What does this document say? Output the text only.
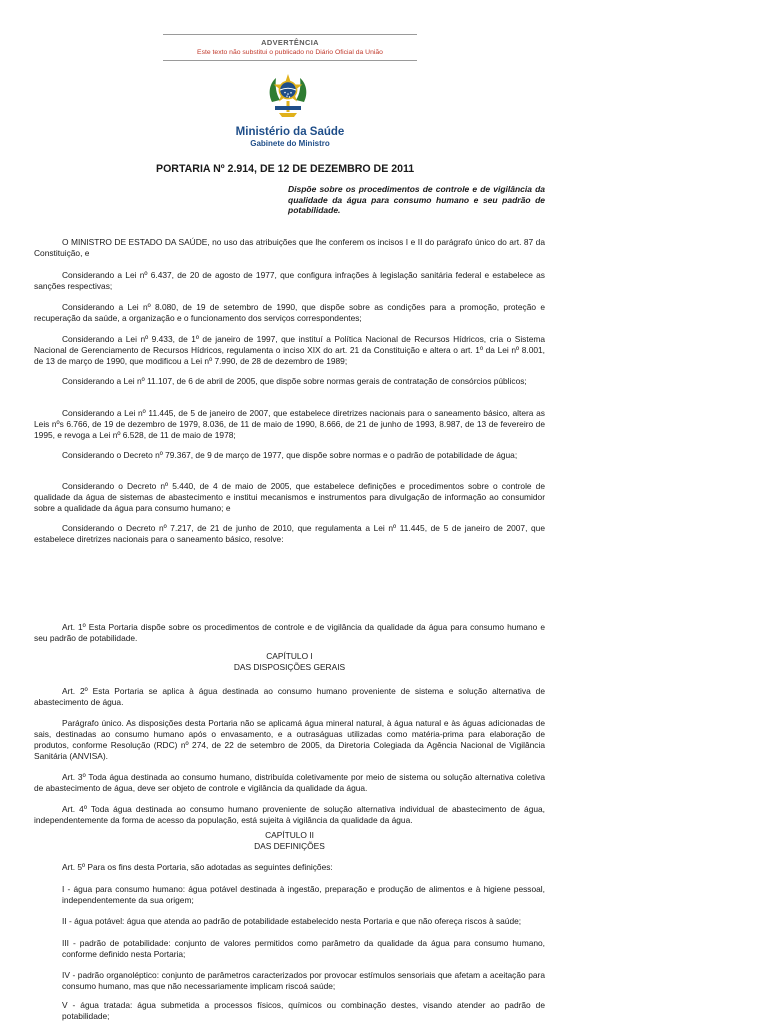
ADVERTÊNCIA
Este texto não substitui o publicado no Diário Oficial da União
Ministério da Saúde
Gabinete do Ministro
PORTARIA Nº 2.914, DE 12 DE DEZEMBRO DE 2011
Dispõe sobre os procedimentos de controle e de vigilância da qualidade da água para consumo humano e seu padrão de potabilidade.
O MINISTRO DE ESTADO DA SAÚDE, no uso das atribuições que lhe conferem os incisos I e II do parágrafo único do art. 87 da Constituição, e
Considerando a Lei nº 6.437, de 20 de agosto de 1977, que configura infrações à legislação sanitária federal e estabelece as sanções respectivas;
Considerando a Lei nº 8.080, de 19 de setembro de 1990, que dispõe sobre as condições para a promoção, proteção e recuperação da saúde, a organização e o funcionamento dos serviços correspondentes;
Considerando a Lei nº 9.433, de 1º de janeiro de 1997, que instituí a Política Nacional de Recursos Hídricos, cria o Sistema Nacional de Gerenciamento de Recursos Hídricos, regulamenta o inciso XIX do art. 21 da Constituição e altera o art. 1º da Lei nº 8.001, de 13 de março de 1990, que modificou a Lei nº 7.990, de 28 de dezembro de 1989;
Considerando a Lei nº 11.107, de 6 de abril de 2005, que dispõe sobre normas gerais de contratação de consórcios públicos;
Considerando a Lei nº 11.445, de 5 de janeiro de 2007, que estabelece diretrizes nacionais para o saneamento básico, altera as Leis nºs 6.766, de 19 de dezembro de 1979, 8.036, de 11 de maio de 1990, 8.666, de 21 de junho de 1993, 8.987, de 13 de fevereiro de 1995, e revoga a Lei nº 6.528, de 11 de maio de 1978;
Considerando o Decreto nº 79.367, de 9 de março de 1977, que dispõe sobre normas e o padrão de potabilidade de água;
Considerando o Decreto nº 5.440, de 4 de maio de 2005, que estabelece definições e procedimentos sobre o controle de qualidade da água de sistemas de abastecimento e institui mecanismos e instrumentos para divulgação de informação ao consumidor sobre a qualidade da água para consumo humano; e
Considerando o Decreto nº 7.217, de 21 de junho de 2010, que regulamenta a Lei nº 11.445, de 5 de janeiro de 2007, que estabelece diretrizes nacionais para o saneamento básico, resolve:
Art. 1º Esta Portaria dispõe sobre os procedimentos de controle e de vigilância da qualidade da água para consumo humano e seu padrão de potabilidade.
CAPÍTULO I
DAS DISPOSIÇÕES GERAIS
Art. 2º Esta Portaria se aplica à água destinada ao consumo humano proveniente de sistema e solução alternativa de abastecimento de água.
Parágrafo único. As disposições desta Portaria não se aplicamá água mineral natural, à água natural e às águas adicionadas de sais, destinadas ao consumo humano após o envasamento, e a outraságuas utilizadas como matéria-prima para elaboração de produtos, conforme Resolução (RDC) nº 274, de 22 de setembro de 2005, da Diretoria Colegiada da Agência Nacional de Vigilância Sanitária (ANVISA).
Art. 3º Toda água destinada ao consumo humano, distribuída coletivamente por meio de sistema ou solução alternativa coletiva de abastecimento de água, deve ser objeto de controle e vigilância da qualidade da água.
Art. 4º Toda água destinada ao consumo humano proveniente de solução alternativa individual de abastecimento de água, independentemente da forma de acesso da população, está sujeita à vigilância da qualidade da água.
CAPÍTULO II
DAS DEFINIÇÕES
Art. 5º Para os fins desta Portaria, são adotadas as seguintes definições:
I - água para consumo humano: água potável destinada à ingestão, preparação e produção de alimentos e à higiene pessoal, independentemente da sua origem;
II - água potável: água que atenda ao padrão de potabilidade estabelecido nesta Portaria e que não ofereça riscos à saúde;
III - padrão de potabilidade: conjunto de valores permitidos como parâmetro da qualidade da água para consumo humano, conforme definido nesta Portaria;
IV - padrão organoléptico: conjunto de parâmetros caracterizados por provocar estímulos sensoriais que afetam a aceitação para consumo humano, mas que não necessariamente implicam riscoá saúde;
V - água tratada: água submetida a processos físicos, químicos ou combinação destes, visando atender ao padrão de potabilidade;
